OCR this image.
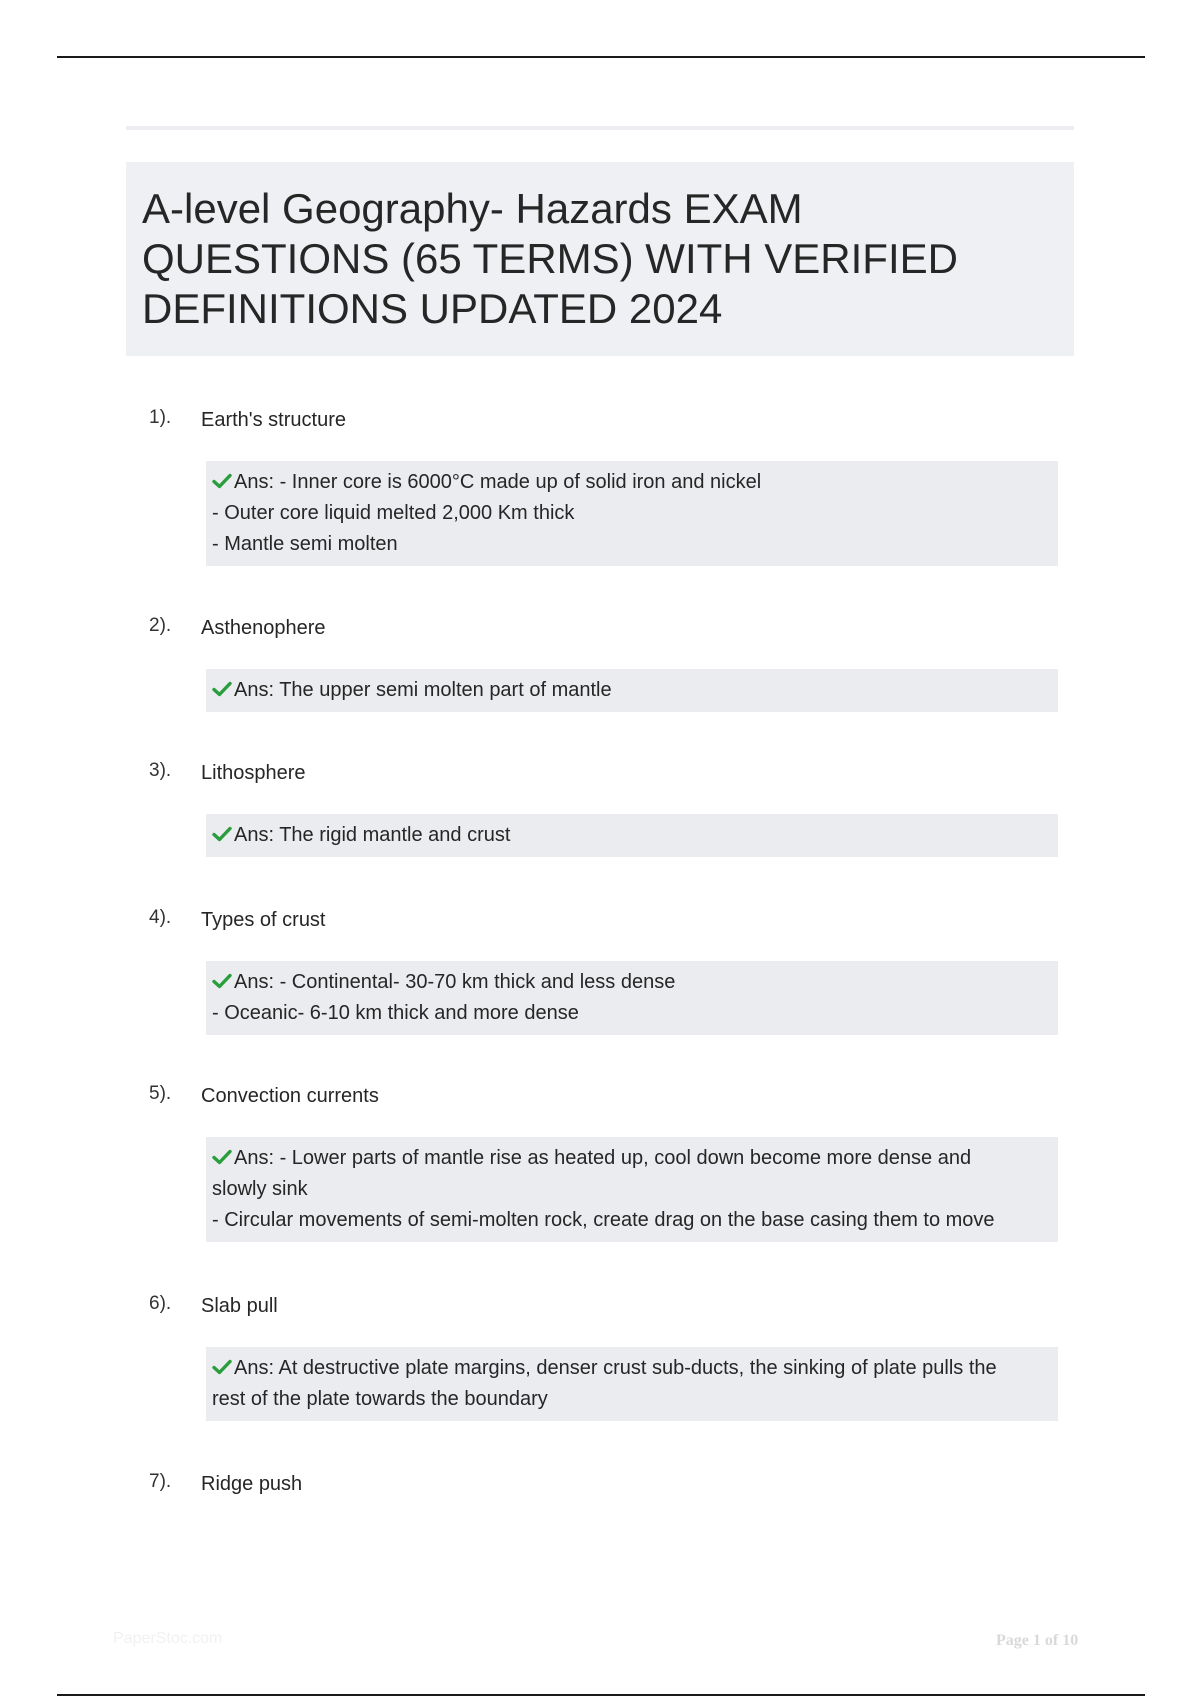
A-level Geography- Hazards EXAM QUESTIONS (65 TERMS) WITH VERIFIED DEFINITIONS UPDATED 2024
1). Earth's structure
Ans: - Inner core is 6000°C made up of solid iron and nickel
- Outer core liquid melted 2,000 Km thick
- Mantle semi molten
2). Asthenophere
Ans: The upper semi molten part of mantle
3). Lithosphere
Ans: The rigid mantle and crust
4). Types of crust
Ans: - Continental- 30-70 km thick and less dense
- Oceanic- 6-10 km thick and more dense
5). Convection currents
Ans: - Lower parts of mantle rise as heated up, cool down become more dense and
slowly sink
- Circular movements of semi-molten rock, create drag on the base casing them to move
6). Slab pull
Ans: At destructive plate margins, denser crust sub-ducts, the sinking of plate pulls the
rest of the plate towards the boundary
7). Ridge push
PaperStoc.com	Page 1 of 10
